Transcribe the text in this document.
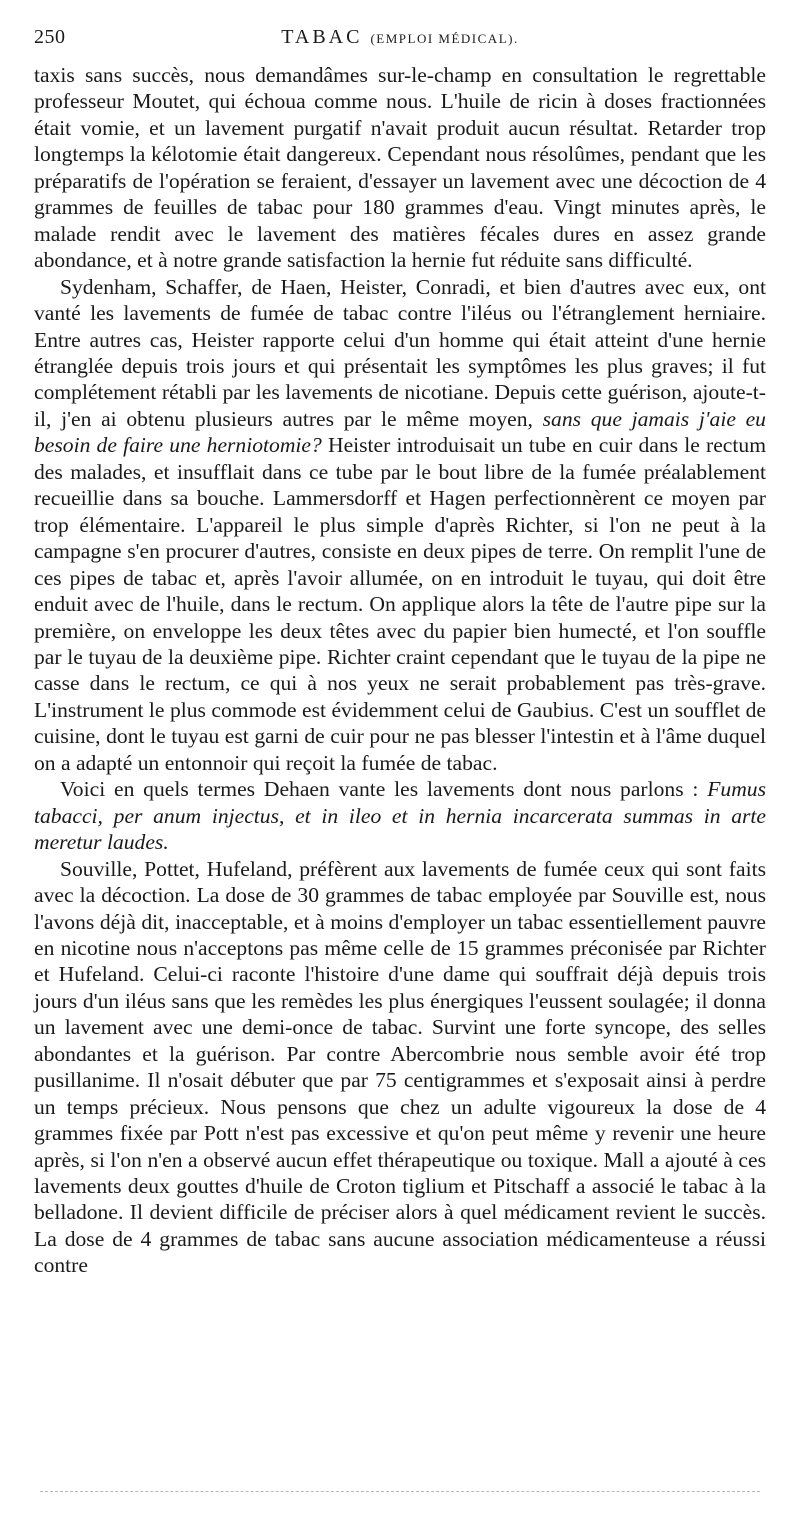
250	TABAC (EMPLOI MÉDICAL).

taxis sans succès, nous demandâmes sur-le-champ en consultation le regrettable professeur Moutet, qui échoua comme nous. L'huile de ricin à doses fractionnées était vomie, et un lavement purgatif n'avait produit aucun résultat. Retarder trop longtemps la kélotomie était dangereux. Cependant nous résolûmes, pendant que les préparatifs de l'opération se feraient, d'essayer un lavement avec une décoction de 4 grammes de feuilles de tabac pour 180 grammes d'eau. Vingt minutes après, le malade rendit avec le lavement des matières fécales dures en assez grande abondance, et à notre grande satisfaction la hernie fut réduite sans difficulté.

Sydenham, Schaffer, de Haen, Heister, Conradi, et bien d'autres avec eux, ont vanté les lavements de fumée de tabac contre l'iléus ou l'étranglement herniaire. Entre autres cas, Heister rapporte celui d'un homme qui était atteint d'une hernie étranglée depuis trois jours et qui présentait les symptômes les plus graves; il fut complétement rétabli par les lavements de nicotiane. Depuis cette guérison, ajoute-t-il, j'en ai obtenu plusieurs autres par le même moyen, sans que jamais j'aie eu besoin de faire une herniotomie? Heister introduisait un tube en cuir dans le rectum des malades, et insufflait dans ce tube par le bout libre de la fumée préalablement recueillie dans sa bouche. Lammersdorff et Hagen perfectionnèrent ce moyen par trop élémentaire. L'appareil le plus simple d'après Richter, si l'on ne peut à la campagne s'en procurer d'autres, consiste en deux pipes de terre. On remplit l'une de ces pipes de tabac et, après l'avoir allumée, on en introduit le tuyau, qui doit être enduit avec de l'huile, dans le rectum. On applique alors la tête de l'autre pipe sur la première, on enveloppe les deux têtes avec du papier bien humecté, et l'on souffle par le tuyau de la deuxième pipe. Richter craint cependant que le tuyau de la pipe ne casse dans le rectum, ce qui à nos yeux ne serait probablement pas très-grave. L'instrument le plus commode est évidemment celui de Gaubius. C'est un soufflet de cuisine, dont le tuyau est garni de cuir pour ne pas blesser l'intestin et à l'âme duquel on a adapté un entonnoir qui reçoit la fumée de tabac.

Voici en quels termes Dehaen vante les lavements dont nous parlons : Fumus tabacci, per anum injectus, et in ileo et in hernia incarcerata summas in arte meretur laudes.

Souville, Pottet, Hufeland, préfèrent aux lavements de fumée ceux qui sont faits avec la décoction. La dose de 30 grammes de tabac employée par Souville est, nous l'avons déjà dit, inacceptable, et à moins d'employer un tabac essentiellement pauvre en nicotine nous n'acceptons pas même celle de 15 grammes préconisée par Richter et Hufeland. Celui-ci raconte l'histoire d'une dame qui souffrait déjà depuis trois jours d'un iléus sans que les remèdes les plus énergiques l'eussent soulagée; il donna un lavement avec une demi-once de tabac. Survint une forte syncope, des selles abondantes et la guérison. Par contre Abercombrie nous semble avoir été trop pusillanime. Il n'osait débuter que par 75 centigrammes et s'exposait ainsi à perdre un temps précieux. Nous pensons que chez un adulte vigoureux la dose de 4 grammes fixée par Pott n'est pas excessive et qu'on peut même y revenir une heure après, si l'on n'en a observé aucun effet thérapeutique ou toxique. Mall a ajouté à ces lavements deux gouttes d'huile de Croton tiglium et Pitschaff a associé le tabac à la belladone. Il devient difficile de préciser alors à quel médicament revient le succès. La dose de 4 grammes de tabac sans aucune association médicamenteuse a réussi contre
